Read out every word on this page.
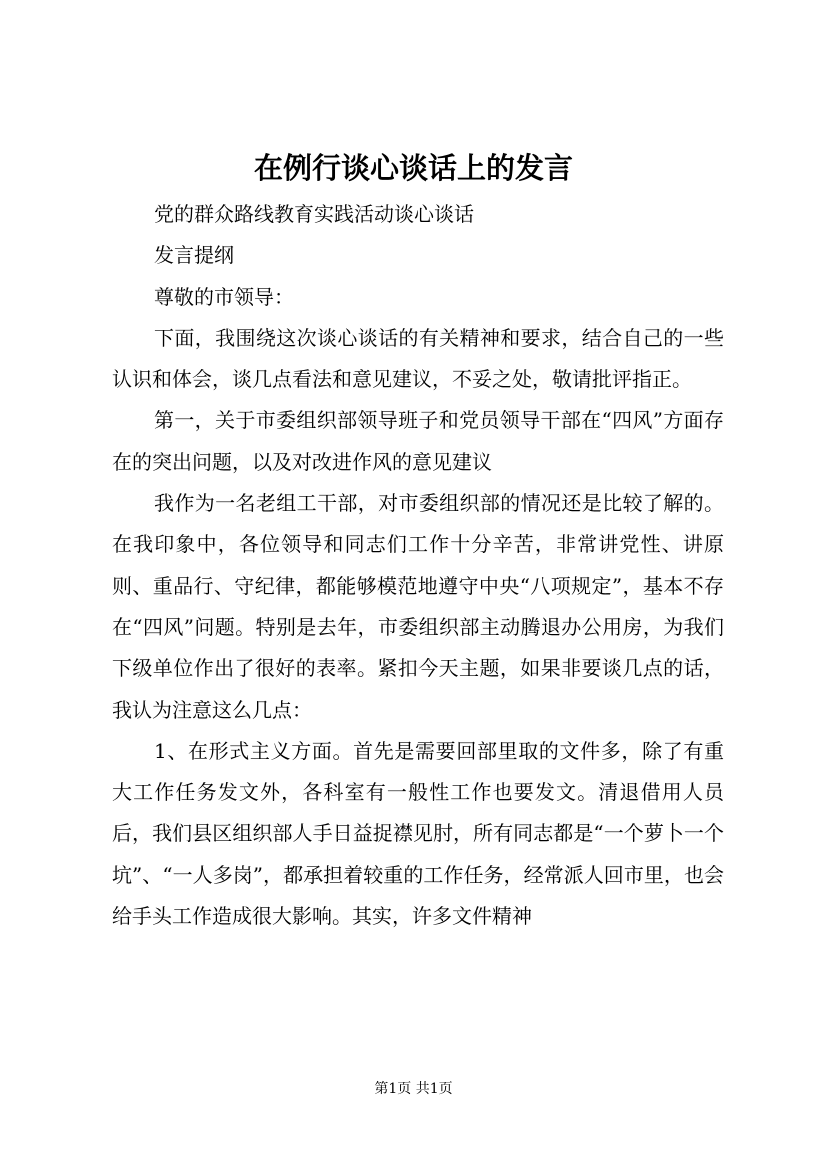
在例行谈心谈话上的发言

党的群众路线教育实践活动谈心谈话

发言提纲

尊敬的市领导：

下面，我围绕这次谈心谈话的有关精神和要求，结合自己的一些认识和体会，谈几点看法和意见建议，不妥之处，敬请批评指正。

第一，关于市委组织部领导班子和党员领导干部在“四风”方面存在的突出问题，以及对改进作风的意见建议

我作为一名老组工干部，对市委组织部的情况还是比较了解的。在我印象中，各位领导和同志们工作十分辛苦，非常讲党性、讲原则、重品行、守纪律，都能够模范地遵守中央“八项规定”，基本不存在“四风”问题。特别是去年，市委组织部主动腾退办公用房，为我们下级单位作出了很好的表率。紧扣今天主题，如果非要谈几点的话，我认为注意这么几点：

1、在形式主义方面。首先是需要回部里取的文件多，除了有重大工作任务发文外，各科室有一般性工作也要发文。清退借用人员后，我们县区组织部人手日益捉襟见肘，所有同志都是“一个萝卜一个坑”、“一人多岗”，都承担着较重的工作任务，经常派人回市里，也会给手头工作造成很大影响。其实，许多文件精神

第1页 共1页
